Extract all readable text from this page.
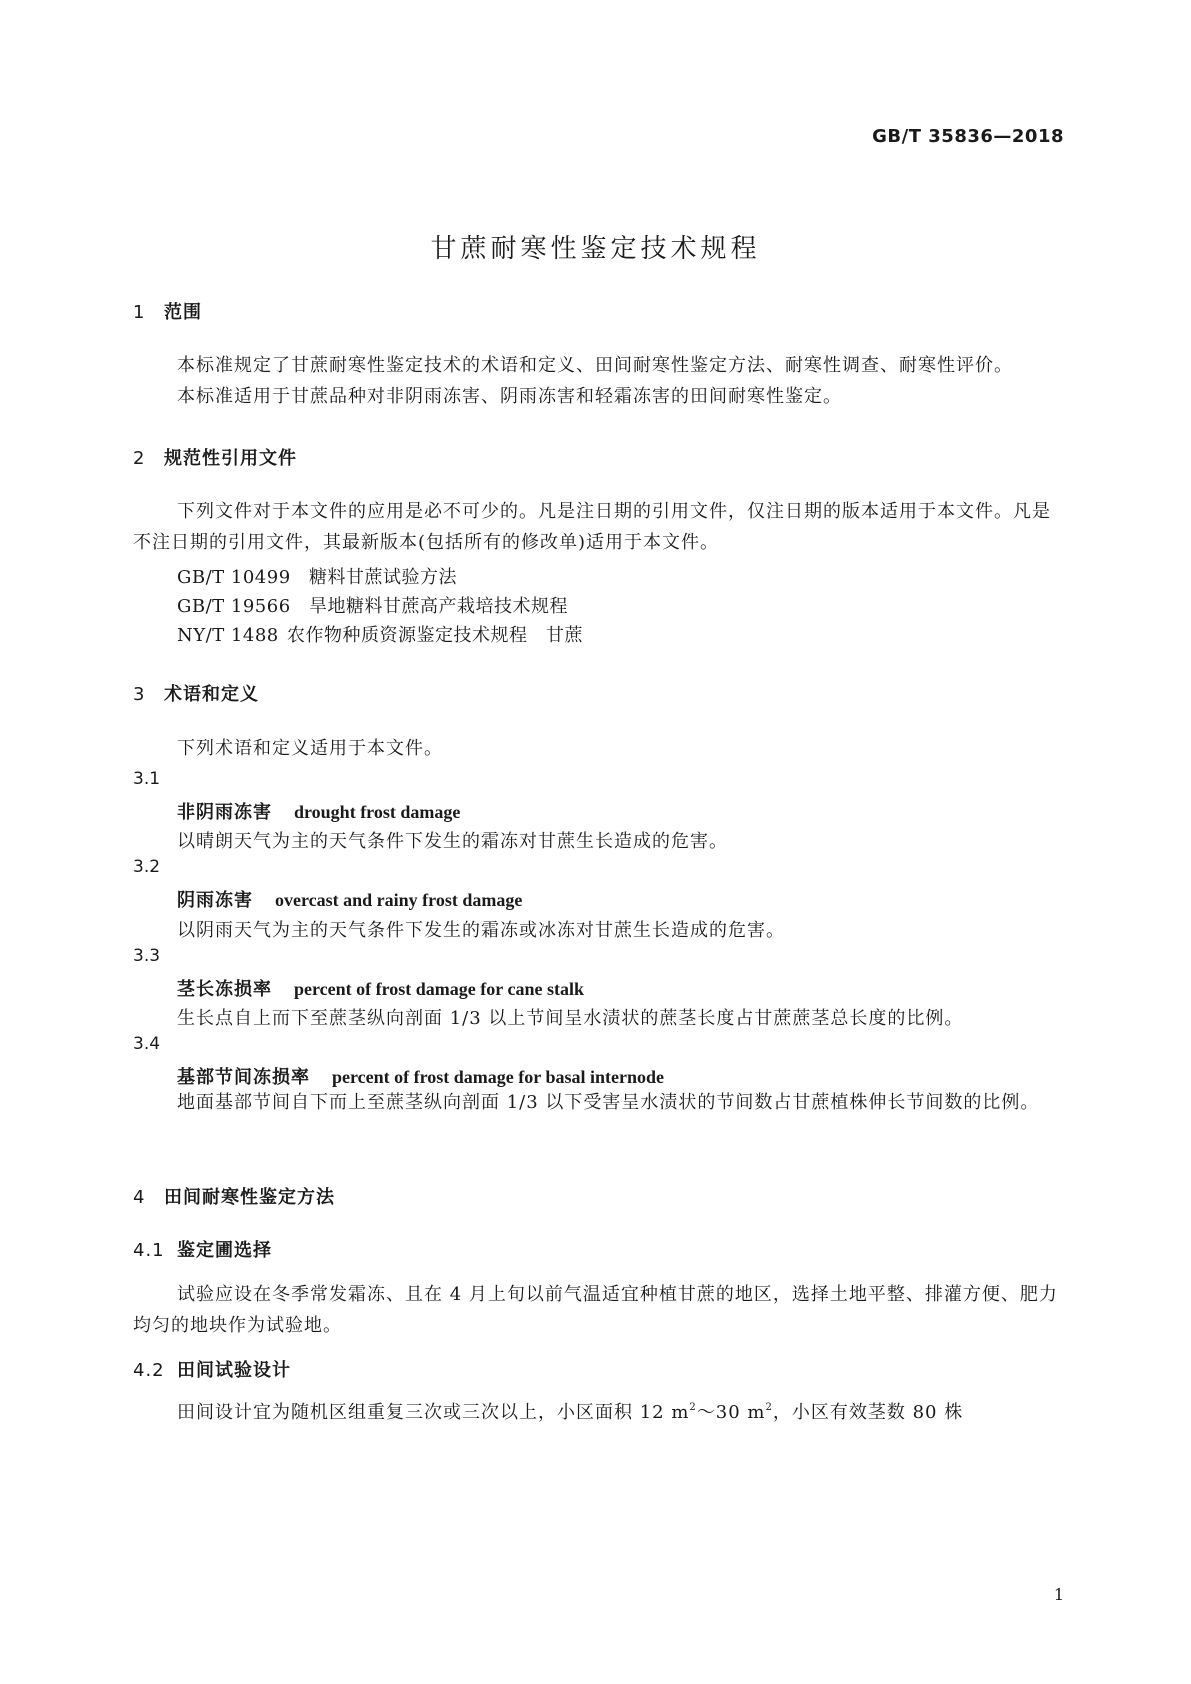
GB/T 35836—2018
甘蔗耐寒性鉴定技术规程
1 范围
本标准规定了甘蔗耐寒性鉴定技术的术语和定义、田间耐寒性鉴定方法、耐寒性调查、耐寒性评价。
本标准适用于甘蔗品种对非阴雨冻害、阴雨冻害和轻霜冻害的田间耐寒性鉴定。
2 规范性引用文件
下列文件对于本文件的应用是必不可少的。凡是注日期的引用文件，仅注日期的版本适用于本文件。凡是不注日期的引用文件，其最新版本(包括所有的修改单)适用于本文件。
GB/T 10499 糖料甘蔗试验方法
GB/T 19566 旱地糖料甘蔗高产栽培技术规程
NY/T 1488 农作物种质资源鉴定技术规程　甘蔗
3 术语和定义
下列术语和定义适用于本文件。
3.1
非阴雨冻害 drought frost damage
以晴朗天气为主的天气条件下发生的霜冻对甘蔗生长造成的危害。
3.2
阴雨冻害 overcast and rainy frost damage
以阴雨天气为主的天气条件下发生的霜冻或冰冻对甘蔗生长造成的危害。
3.3
茎长冻损率 percent of frost damage for cane stalk
生长点自上而下至蔗茎纵向剖面 1/3 以上节间呈水渍状的蔗茎长度占甘蔗蔗茎总长度的比例。
3.4
基部节间冻损率 percent of frost damage for basal internode
地面基部节间自下而上至蔗茎纵向剖面 1/3 以下受害呈水渍状的节间数占甘蔗植株伸长节间数的比例。
4 田间耐寒性鉴定方法
4.1 鉴定圃选择
试验应设在冬季常发霜冻、且在 4 月上旬以前气温适宜种植甘蔗的地区，选择土地平整、排灌方便、肥力均匀的地块作为试验地。
4.2 田间试验设计
田间设计宜为随机区组重复三次或三次以上，小区面积 12 $m^2\sim 30$ $m^2$，小区有效茎数 80 株
1
